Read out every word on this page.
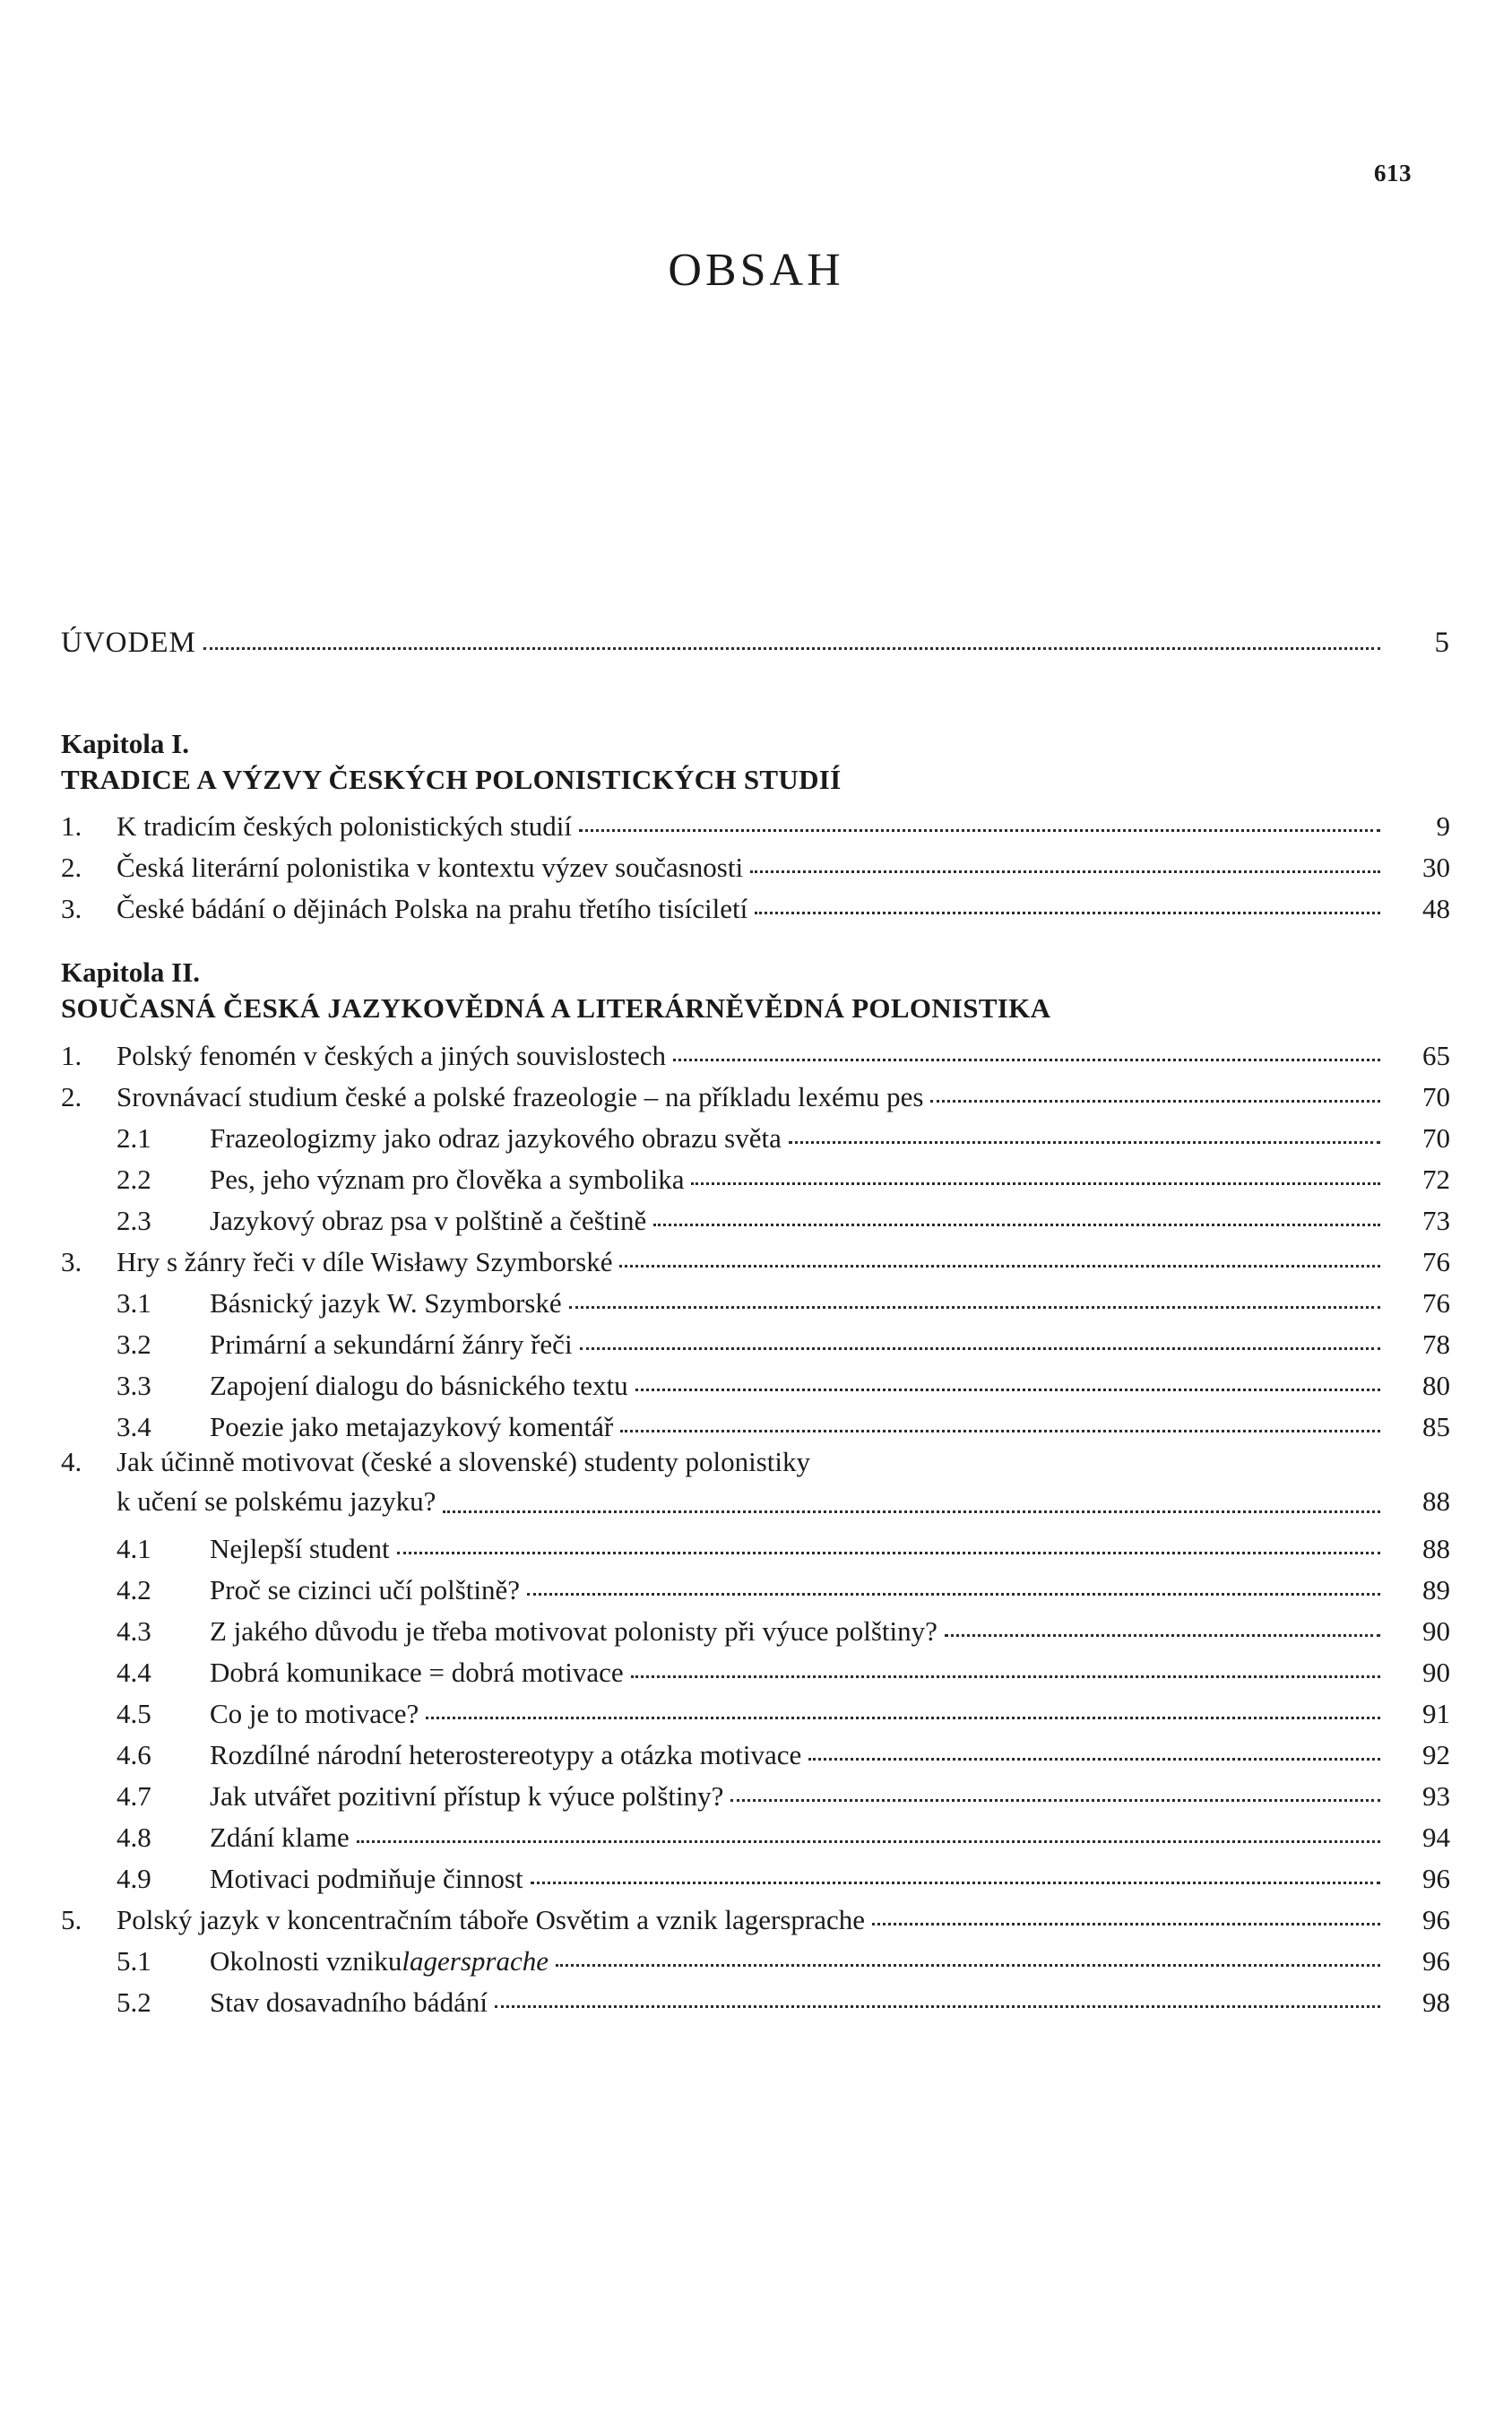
613
OBSAH
ÚVODEM	5
Kapitola I.
TRADICE A VÝZVY ČESKÝCH POLONISTICKÝCH STUDIÍ
1.	K tradicím českých polonistických studií	9
2.	Česká literární polonistika v kontextu výzev současnosti	30
3.	České bádání o dějinách Polska na prahu třetího tisíciletí	48
Kapitola II.
SOUČASNÁ ČESKÁ JAZYKOVĚDNÁ A LITERÁRNĚVĚDNÁ POLONISTIKA
1.	Polský fenomén v českých a jiných souvislostech	65
2.	Srovnávací studium české a polské frazeologie – na příkladu lexému pes	70
2.1	Frazeologizmy jako odraz jazykového obrazu světa	70
2.2	Pes, jeho význam pro člověka a symbolika	72
2.3	Jazykový obraz psa v polštině a češtině	73
3.	Hry s žánry řeči v díle Wisławy Szymborské	76
3.1	Básnický jazyk W. Szymborské	76
3.2	Primární a sekundární žánry řeči	78
3.3	Zapojení dialogu do básnického textu	80
3.4	Poezie jako metajazykový komentář	85
4.	Jak účinně motivovat (české a slovenské) studenty polonistiky
k učení se polskému jazyku?	88
4.1	Nejlepší student	88
4.2	Proč se cizinci učí polštině?	89
4.3	Z jakého důvodu je třeba motivovat polonisty při výuce polštiny?	90
4.4	Dobrá komunikace = dobrá motivace	90
4.5	Co je to motivace?	91
4.6	Rozdílné národní heterostereotypy a otázka motivace	92
4.7	Jak utvářet pozitivní přístup k výuce polštiny?	93
4.8	Zdání klame	94
4.9	Motivaci podmiňuje činnost	96
5.	Polský jazyk v koncentračním táboře Osvětim a vznik lagersprache	96
5.1	Okolnosti vzniku lagersprache	96
5.2	Stav dosavadního bádání	98
